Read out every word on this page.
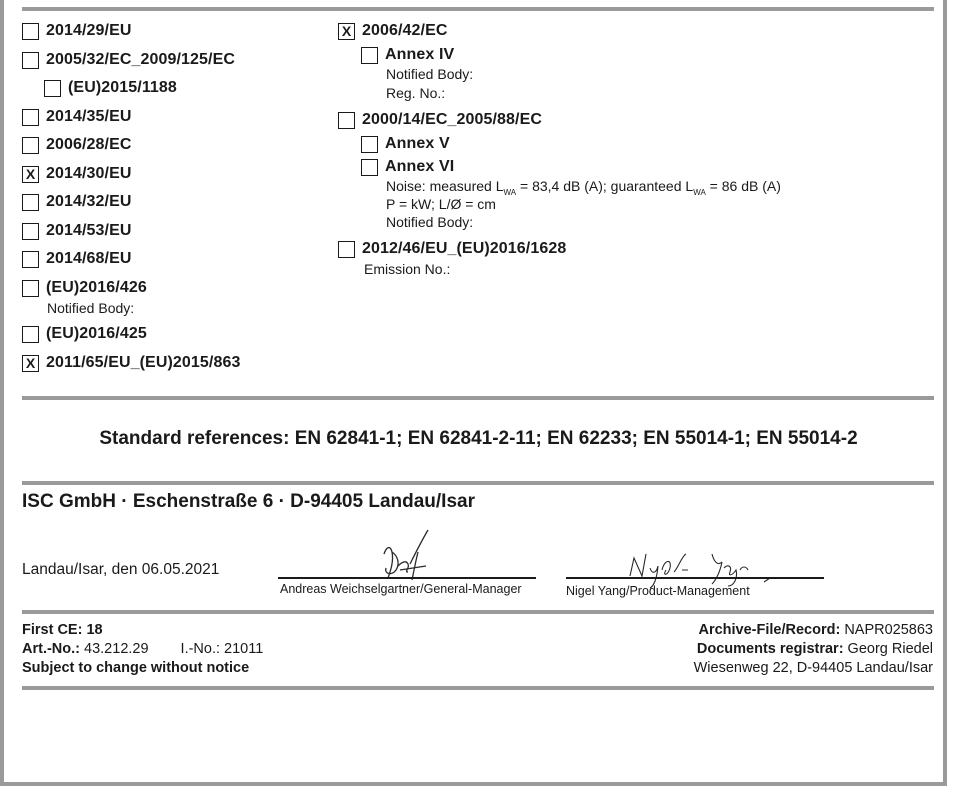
2014/29/EU
2005/32/EC_2009/125/EC
(EU)2015/1188
2014/35/EU
2006/28/EC
X 2014/30/EU
2014/32/EU
2014/53/EU
2014/68/EU
(EU)2016/426
Notified Body:
(EU)2016/425
X 2011/65/EU_(EU)2015/863
X 2006/42/EC
Annex IV
Notified Body:
Reg. No.:
2000/14/EC_2005/88/EC
Annex V
Annex VI
Noise: measured $L_{WA} = 83,4$ dB (A); guaranteed $L_{WA} = 86$ dB (A)
P = kW; L/Ø = cm
Notified Body:
2012/46/EU_(EU)2016/1628
Emission No.:
Standard references: EN 62841-1; EN 62841-2-11; EN 62233; EN 55014-1; EN 55014-2
ISC GmbH · Eschenstraße 6 · D-94405 Landau/Isar
Landau/Isar, den 06.05.2021
Andreas Weichselgartner/General-Manager	Nigel Yang/Product-Management
First CE: 18
Art.-No.: 43.212.29 I.-No.: 21011
Subject to change without notice
Archive-File/Record: NAPR025863
Documents registrar: Georg Riedel
Wiesenweg 22, D-94405 Landau/Isar
